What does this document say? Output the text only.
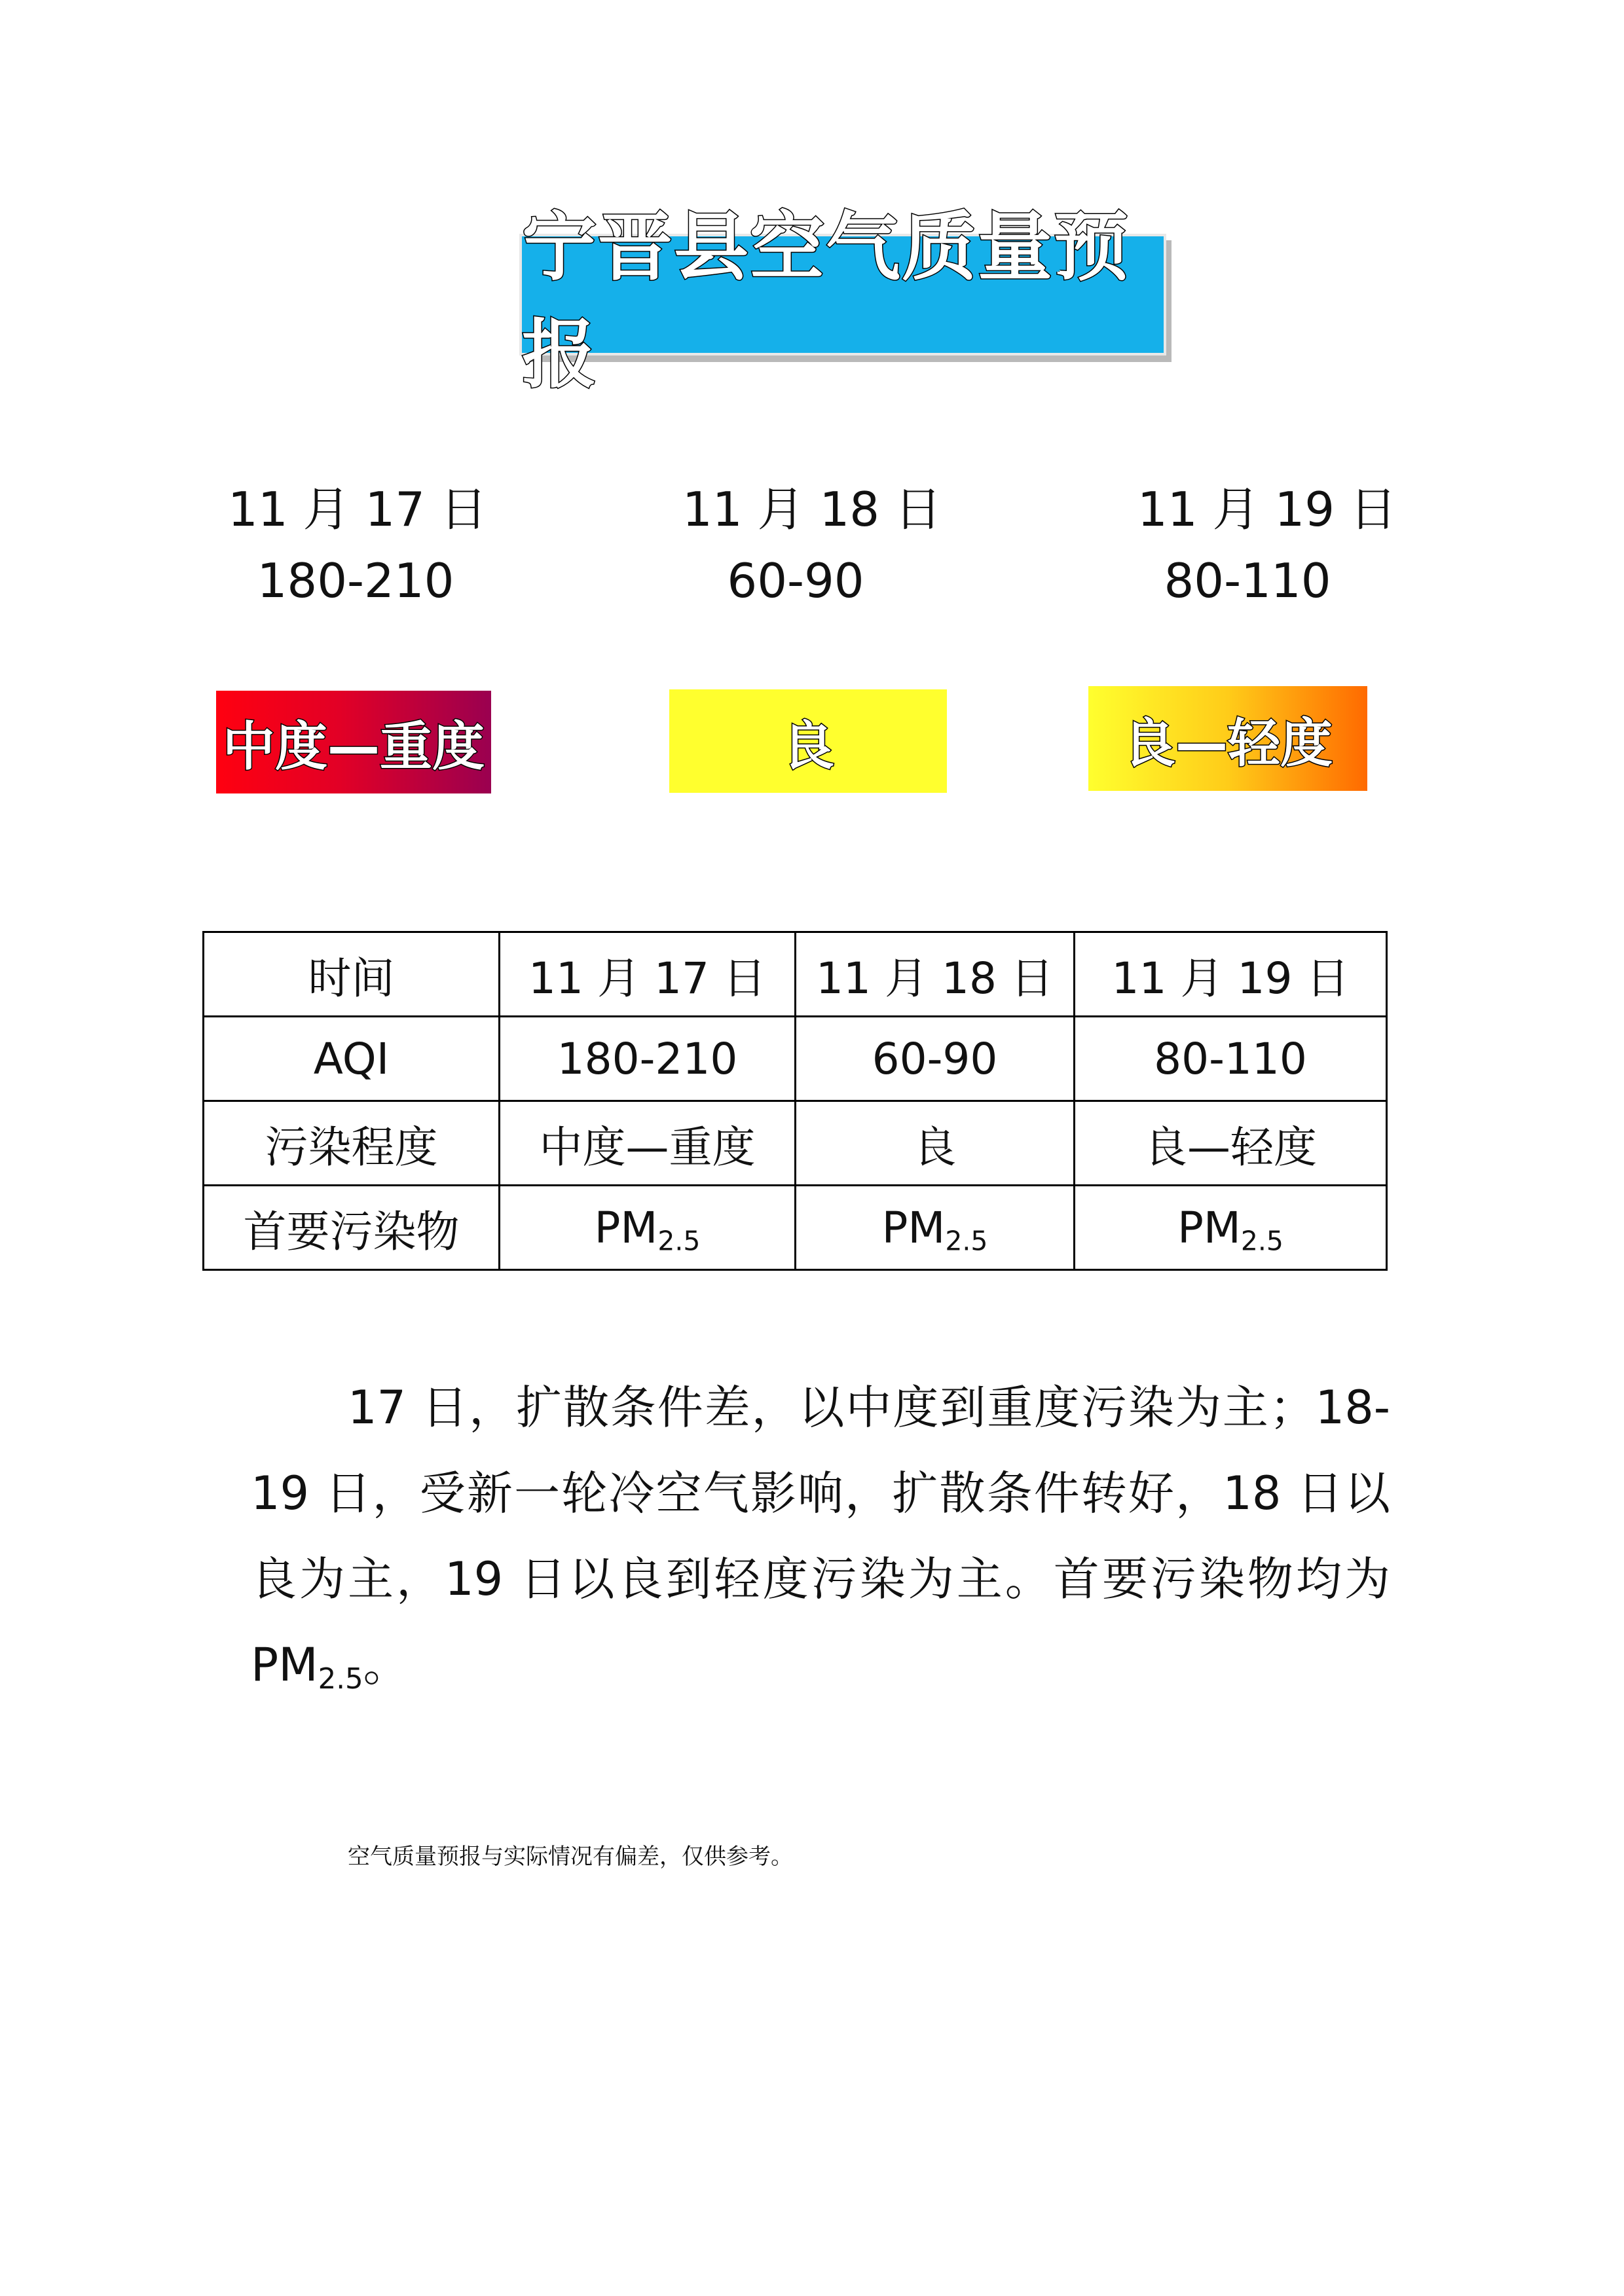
宁晋县空气质量预报
11 月 17 日	11 月 18 日	11 月 19 日
180-210	60-90	80-110
中度—重度	良	良—轻度
时间	11 月 17 日	11 月 18 日	11 月 19 日
AQI	180-210	60-90	80-110
污染程度	中度—重度	良	良—轻度
首要污染物	$PM_{2.5}$	$PM_{2.5}$	$PM_{2.5}$
17 日，扩散条件差，以中度到重度污染为主；18-19 日，受新一轮冷空气影响，扩散条件转好，18 日以良为主，19 日以良到轻度污染为主。首要污染物均为$PM_{2.5}$。
空气质量预报与实际情况有偏差，仅供参考。
